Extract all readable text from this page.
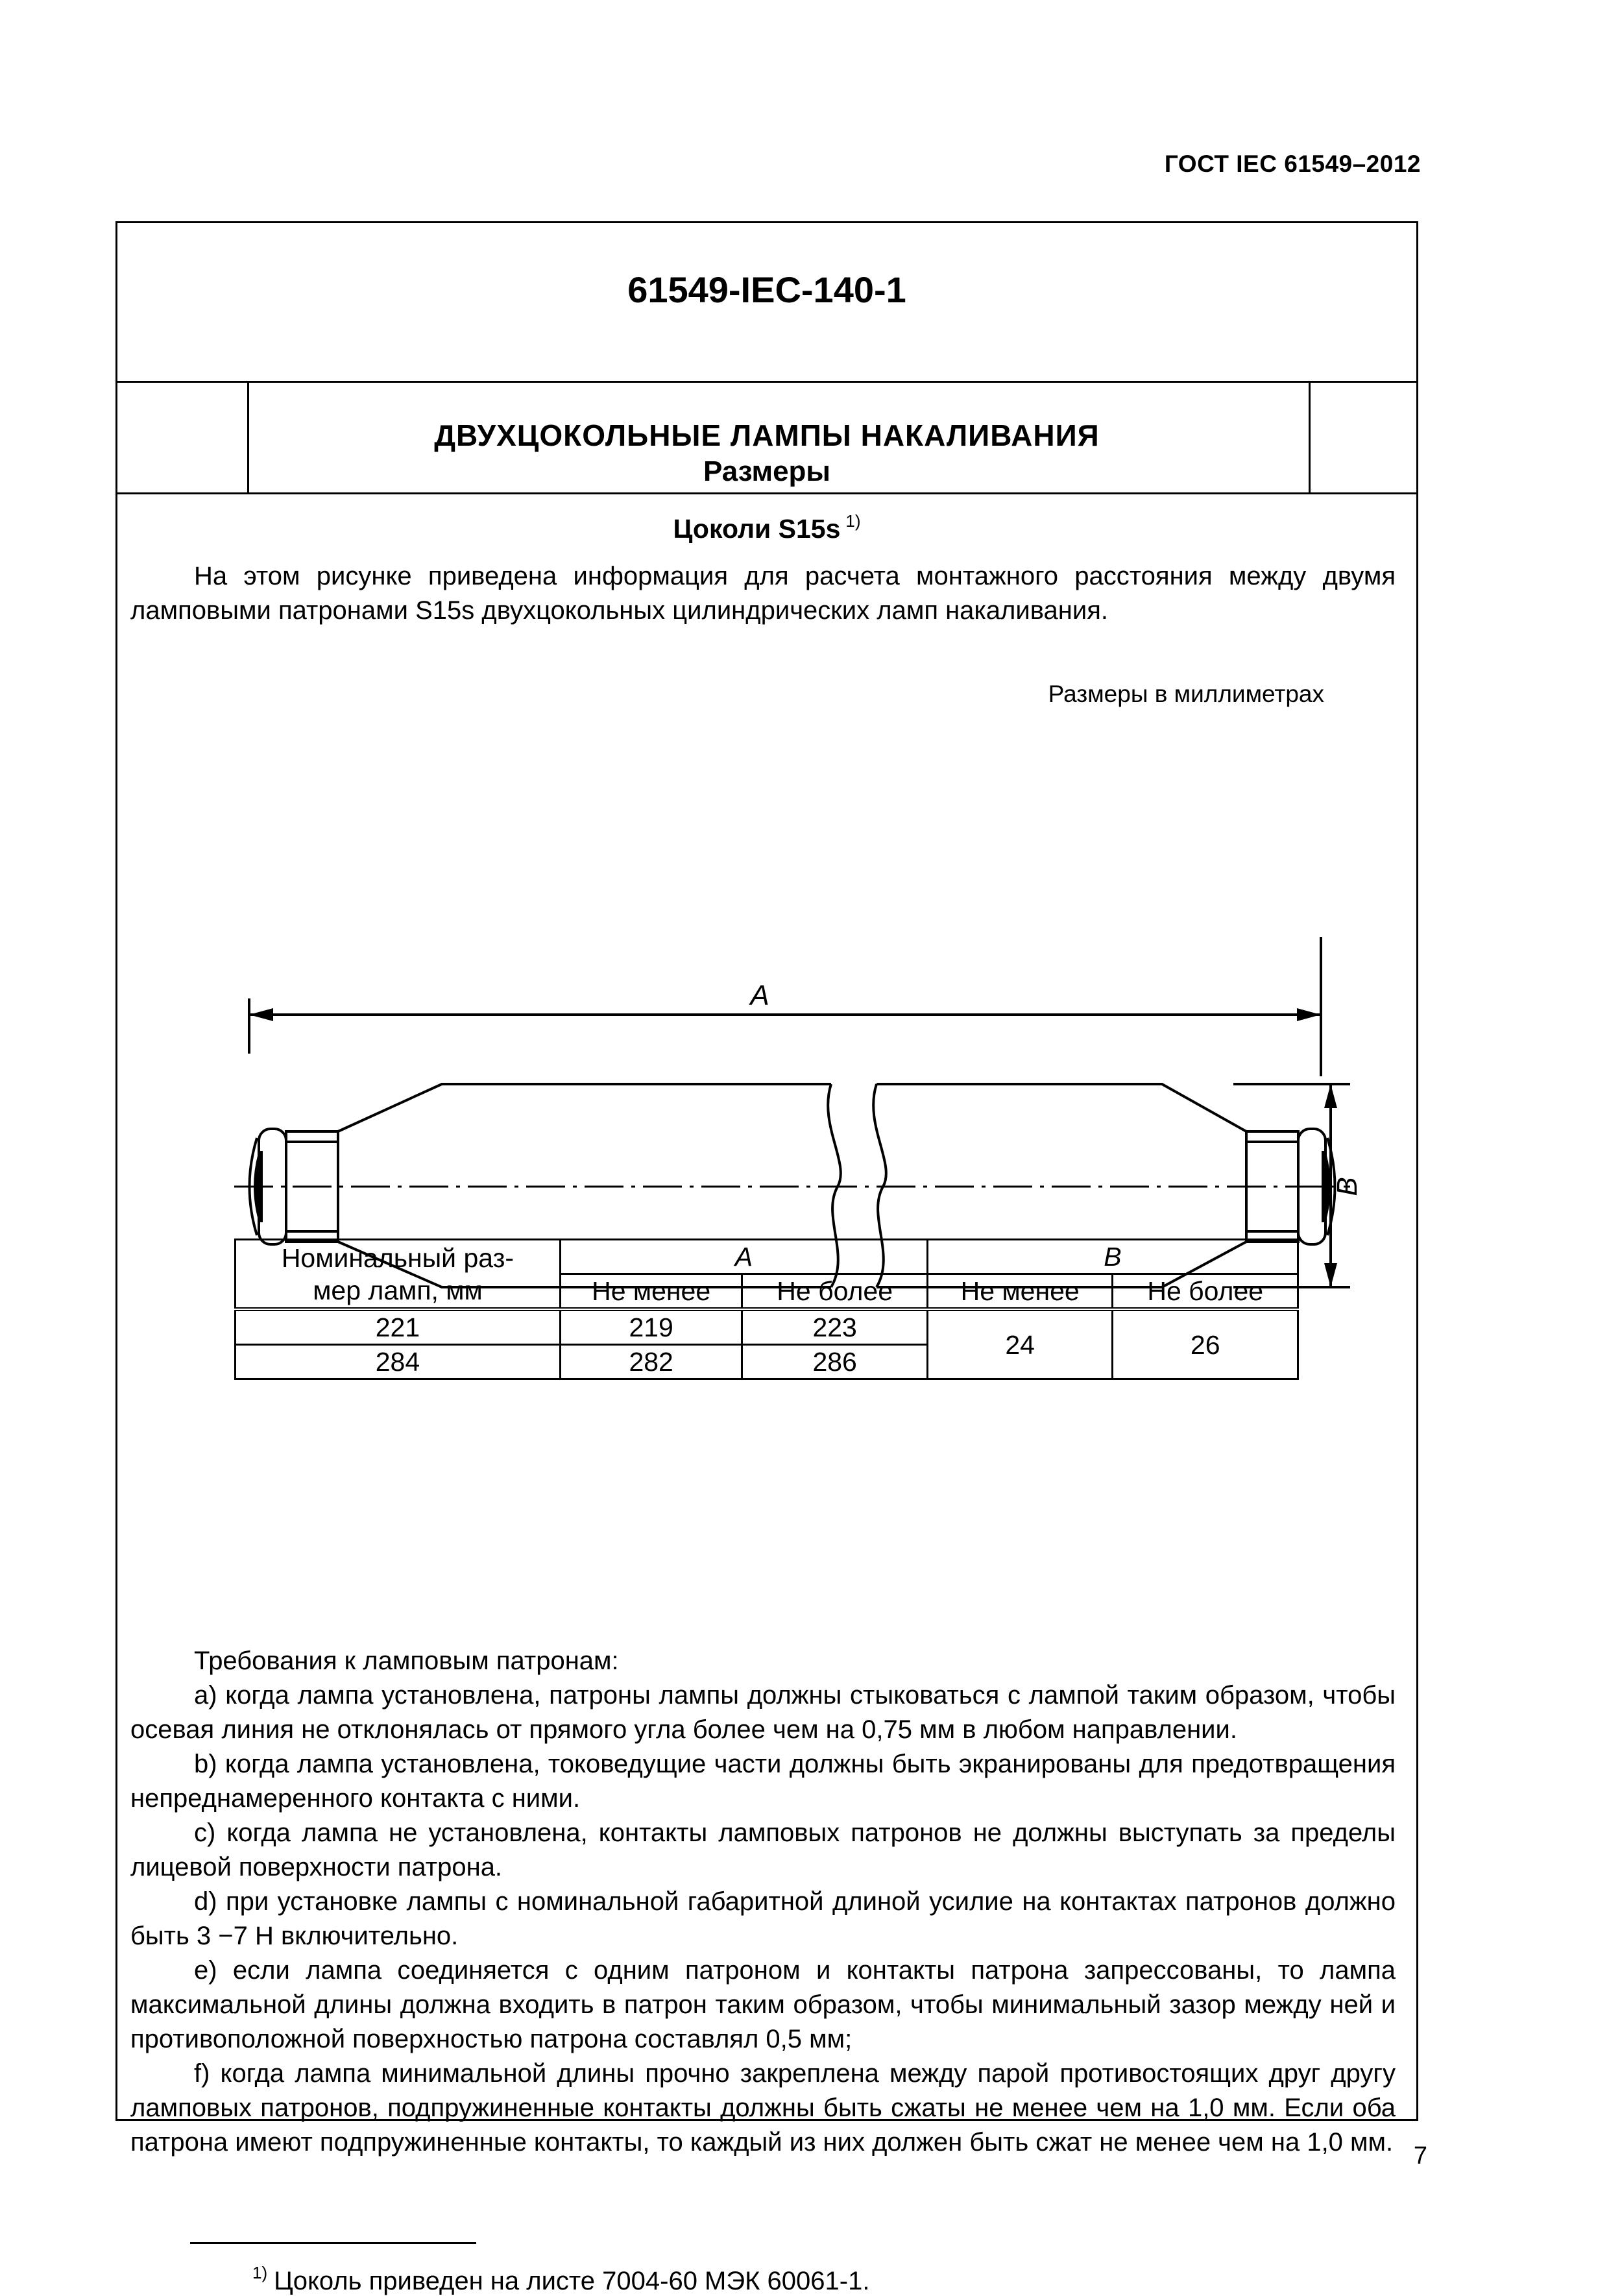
ГОСТ IEC 61549–2012
61549-IEC-140-1
ДВУХЦОКОЛЬНЫЕ ЛАМПЫ НАКАЛИВАНИЯ
Размеры
Цоколи S15s $^{1)}$
На этом рисунке приведена информация для расчета монтажного расстояния между двумя ламповыми патронами S15s двухцокольных цилиндрических ламп накаливания.
Размеры в миллиметрах
A
B
Номинальный раз-
мер ламп, мм	A		B	
	Не менее	Не более	Не менее	Не более
221	219	223	24	26
284	282	286		

Требования к ламповым патронам:

a) когда лампа установлена, патроны лампы должны стыковаться с лампой таким образом, чтобы осевая линия не отклонялась от прямого угла более чем на 0,75 мм в любом направлении.

b) когда лампа установлена, токоведущие части должны быть экранированы для предотвращения непреднамеренного контакта с ними.

c) когда лампа не установлена, контакты ламповых патронов не должны выступать за пределы лицевой поверхности патрона.

d) при установке лампы с номинальной габаритной длиной усилие на контактах патронов должно быть 3 −7 Н включительно.

e) если лампа соединяется с одним патроном и контакты патрона запрессованы, то лампа максимальной длины должна входить в патрон таким образом, чтобы минимальный зазор между ней и противоположной поверхностью патрона составлял 0,5 мм;

f) когда лампа минимальной длины прочно закреплена между парой противостоящих друг другу ламповых патронов, подпружиненные контакты должны быть сжаты не менее чем на 1,0 мм. Если оба патрона имеют подпружиненные контакты, то каждый из них должен быть сжат не менее чем на 1,0 мм.

$^{1)}$ Цоколь приведен на листе 7004-60 МЭК 60061-1.
7
